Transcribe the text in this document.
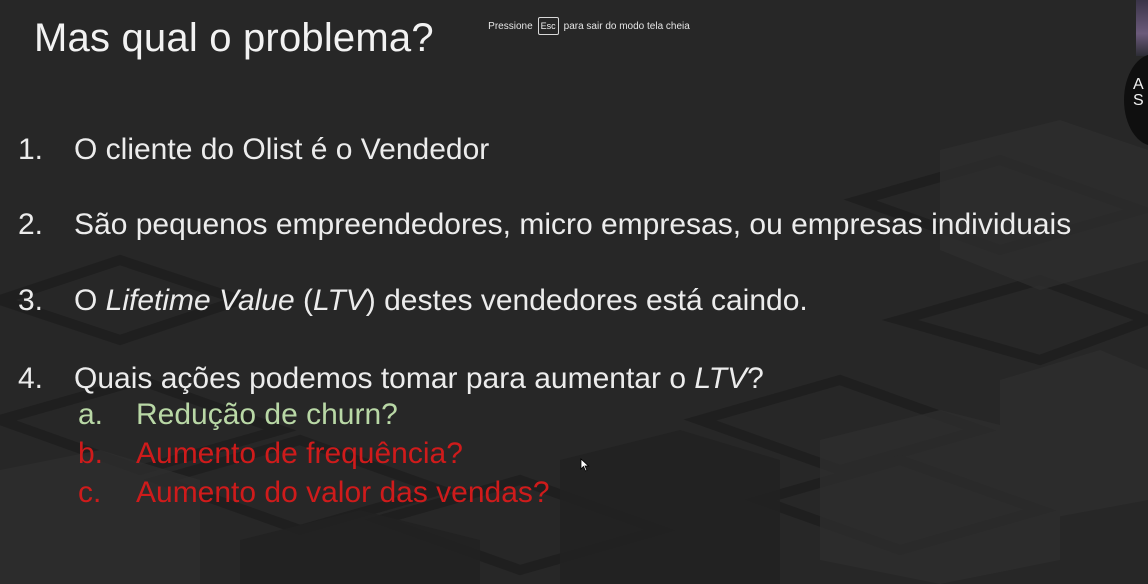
Mas qual o problema?	Pressione Esc para sair do modo tela cheia
1. O cliente do Olist é o Vendedor
2. São pequenos empreendedores, micro empresas, ou empresas individuais
3. O Lifetime Value (LTV) destes vendedores está caindo.
4. Quais ações podemos tomar para aumentar o LTV?
a. Redução de churn?
b. Aumento de frequência?
c. Aumento do valor das vendas?
A
S
